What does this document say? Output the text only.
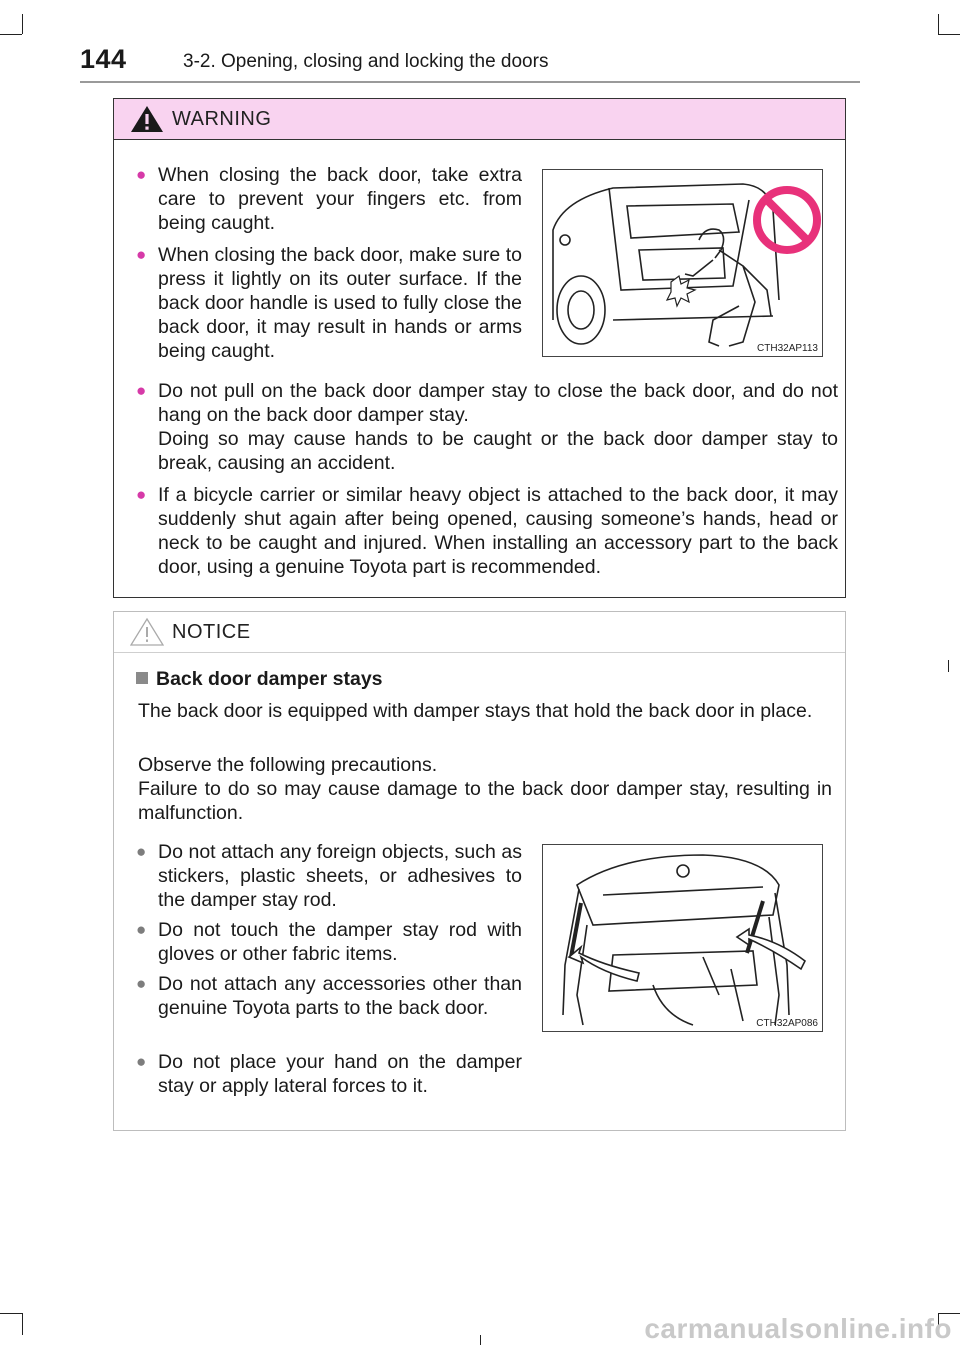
144	3-2. Opening, closing and locking the doors
WARNING
● When closing the back door, take extra care to prevent your fingers etc. from being caught.

● When closing the back door, make sure to press it lightly on its outer surface. If the back door handle is used to fully close the back door, it may result in hands or arms being caught.	CTH32AP113
● Do not pull on the back door damper stay to close the back door, and do not hang on the back door damper stay.

Doing so may cause hands to be caught or the back door damper stay to break, causing an accident.

● If a bicycle carrier or similar heavy object is attached to the back door, it may suddenly shut again after being opened, causing someone’s hands, head or neck to be caught and injured. When installing an accessory part to the back door, using a genuine Toyota part is recommended.

NOTICE
Back door damper stays

The back door is equipped with damper stays that hold the back door in place.

Observe the following precautions.

Failure to do so may cause damage to the back door damper stay, resulting in malfunction.

● Do not attach any foreign objects, such as stickers, plastic sheets, or adhesives to the damper stay rod.

● Do not touch the damper stay rod with gloves or other fabric items.

● Do not attach any accessories other than genuine Toyota parts to the back door.

● Do not place your hand on the damper stay or apply lateral forces to it.

CTH32AP086
carmanualsonline.info
